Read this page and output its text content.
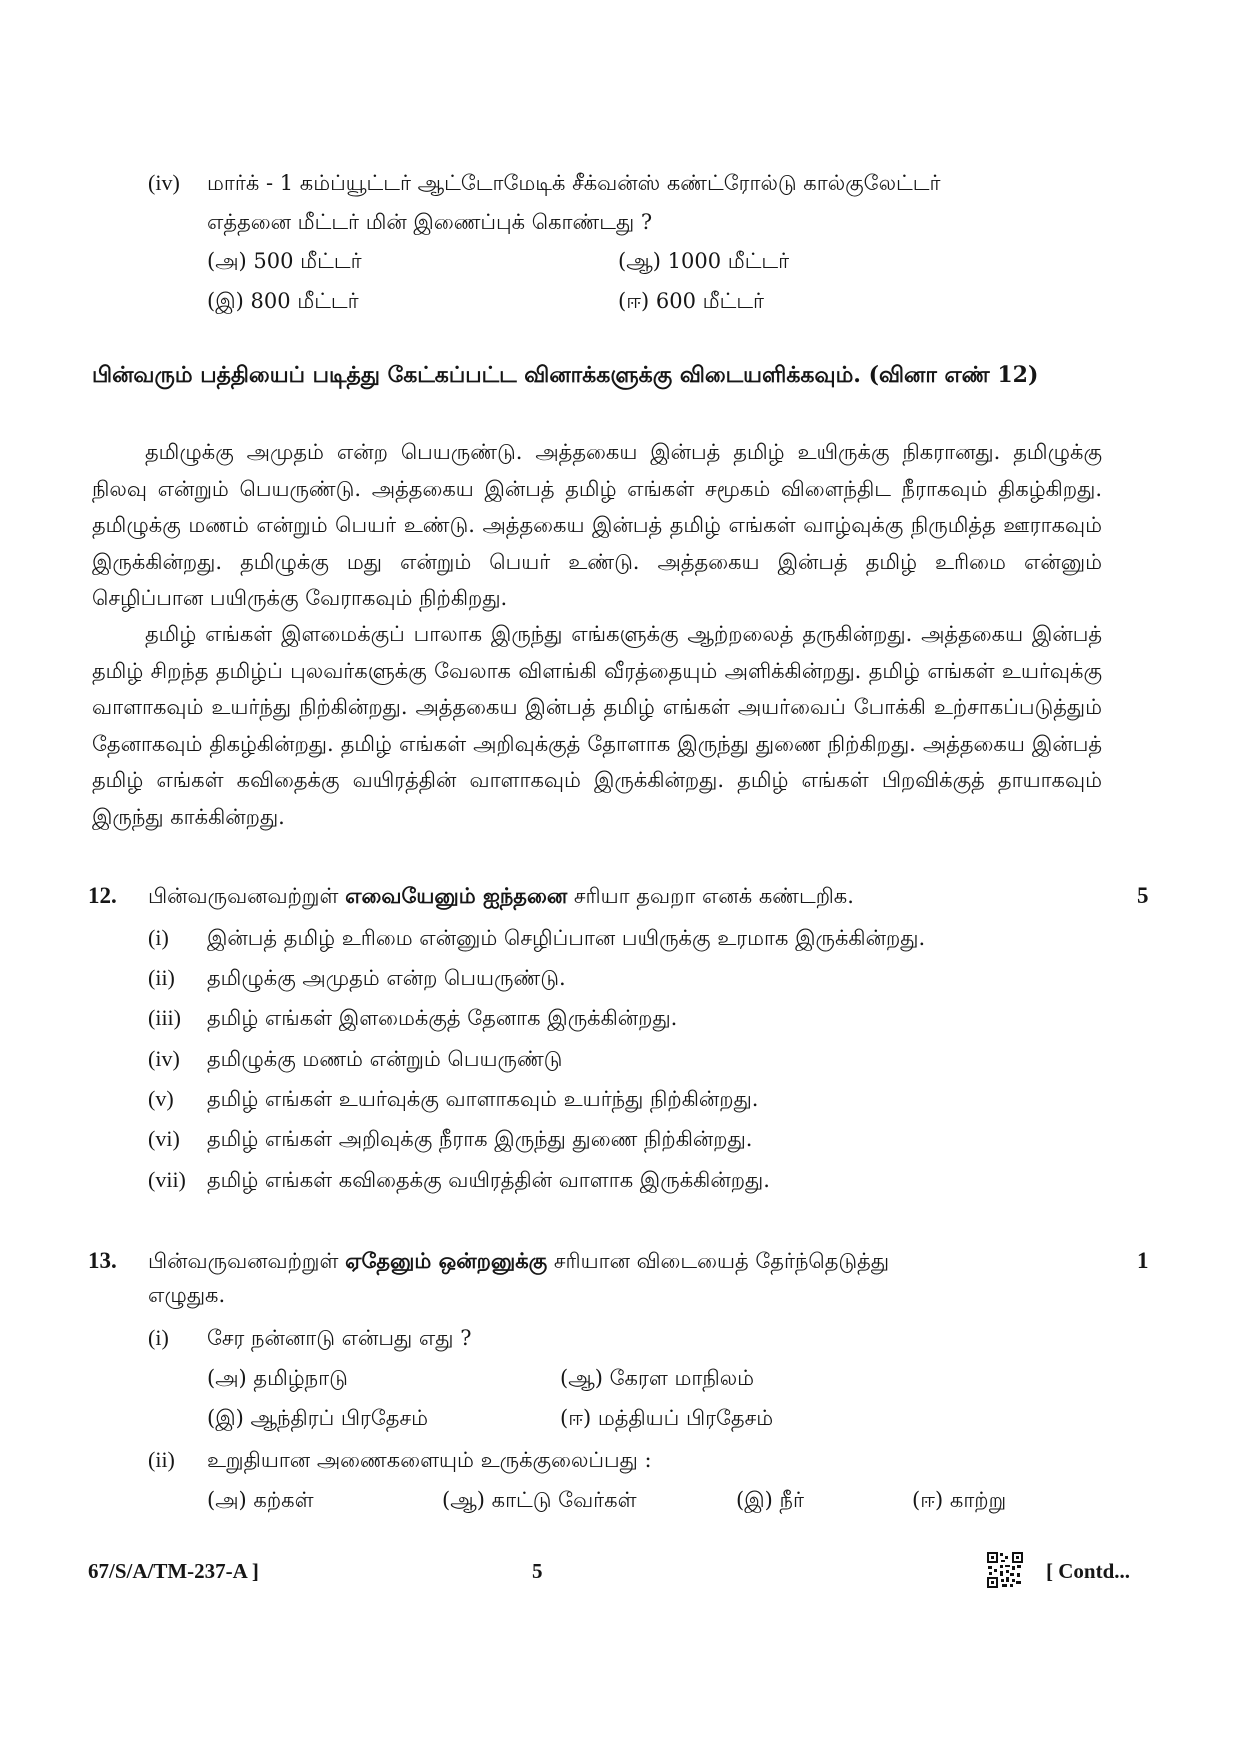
(iv) மார்க் - 1 கம்ப்யூட்டர் ஆட்டோமேடிக் சீக்வன்ஸ் கண்ட்ரோல்டு கால்குலேட்டர்
எத்தனை மீட்டர் மின் இணைப்புக் கொண்டது ?
(அ) 500 மீட்டர்	(ஆ) 1000 மீட்டர்
(இ) 800 மீட்டர்	(ஈ) 600 மீட்டர்
பின்வரும் பத்தியைப் படித்து கேட்கப்பட்ட வினாக்களுக்கு விடையளிக்கவும். (வினா எண் 12)
தமிழுக்கு அமுதம் என்ற பெயருண்டு. அத்தகைய இன்பத் தமிழ் உயிருக்கு நிகரானது. தமிழுக்கு நிலவு என்றும் பெயருண்டு. அத்தகைய இன்பத் தமிழ் எங்கள் சமூகம் விளைந்திட நீராகவும் திகழ்கிறது. தமிழுக்கு மணம் என்றும் பெயர் உண்டு. அத்தகைய இன்பத் தமிழ் எங்கள் வாழ்வுக்கு நிருமித்த ஊராகவும் இருக்கின்றது. தமிழுக்கு மது என்றும் பெயர் உண்டு. அத்தகைய இன்பத் தமிழ் உரிமை என்னும் செழிப்பான பயிருக்கு வேராகவும் நிற்கிறது.
தமிழ் எங்கள் இளமைக்குப் பாலாக இருந்து எங்களுக்கு ஆற்றலைத் தருகின்றது. அத்தகைய இன்பத் தமிழ் சிறந்த தமிழ்ப் புலவர்களுக்கு வேலாக விளங்கி வீரத்தையும் அளிக்கின்றது. தமிழ் எங்கள் உயர்வுக்கு வாளாகவும் உயர்ந்து நிற்கின்றது. அத்தகைய இன்பத் தமிழ் எங்கள் அயர்வைப் போக்கி உற்சாகப்படுத்தும் தேனாகவும் திகழ்கின்றது. தமிழ் எங்கள் அறிவுக்குத் தோளாக இருந்து துணை நிற்கிறது. அத்தகைய இன்பத் தமிழ் எங்கள் கவிதைக்கு வயிரத்தின் வாளாகவும் இருக்கின்றது. தமிழ் எங்கள் பிறவிக்குத் தாயாகவும் இருந்து காக்கின்றது.
12. பின்வருவனவற்றுள் எவையேனும் ஐந்தனை சரியா தவறா எனக் கண்டறிக.	5
(i) இன்பத் தமிழ் உரிமை என்னும் செழிப்பான பயிருக்கு உரமாக இருக்கின்றது.
(ii) தமிழுக்கு அமுதம் என்ற பெயருண்டு.
(iii) தமிழ் எங்கள் இளமைக்குத் தேனாக இருக்கின்றது.
(iv) தமிழுக்கு மணம் என்றும் பெயருண்டு
(v) தமிழ் எங்கள் உயர்வுக்கு வாளாகவும் உயர்ந்து நிற்கின்றது.
(vi) தமிழ் எங்கள் அறிவுக்கு நீராக இருந்து துணை நிற்கின்றது.
(vii) தமிழ் எங்கள் கவிதைக்கு வயிரத்தின் வாளாக இருக்கின்றது.
13. பின்வருவனவற்றுள் ஏதேனும் ஒன்றனுக்கு சரியான விடையைத் தேர்ந்தெடுத்து
எழுதுக.
1
(i) சேர நன்னாடு என்பது எது ?
(அ) தமிழ்நாடு	(ஆ) கேரள மாநிலம்
(இ) ஆந்திரப் பிரதேசம்	(ஈ) மத்தியப் பிரதேசம்
(ii) உறுதியான அணைகளையும் உருக்குலைப்பது :
(அ) கற்கள்	(ஆ) காட்டு வேர்கள்	(இ) நீர்	(ஈ) காற்று
67/S/A/TM-237-A ]	5	[ Contd...
